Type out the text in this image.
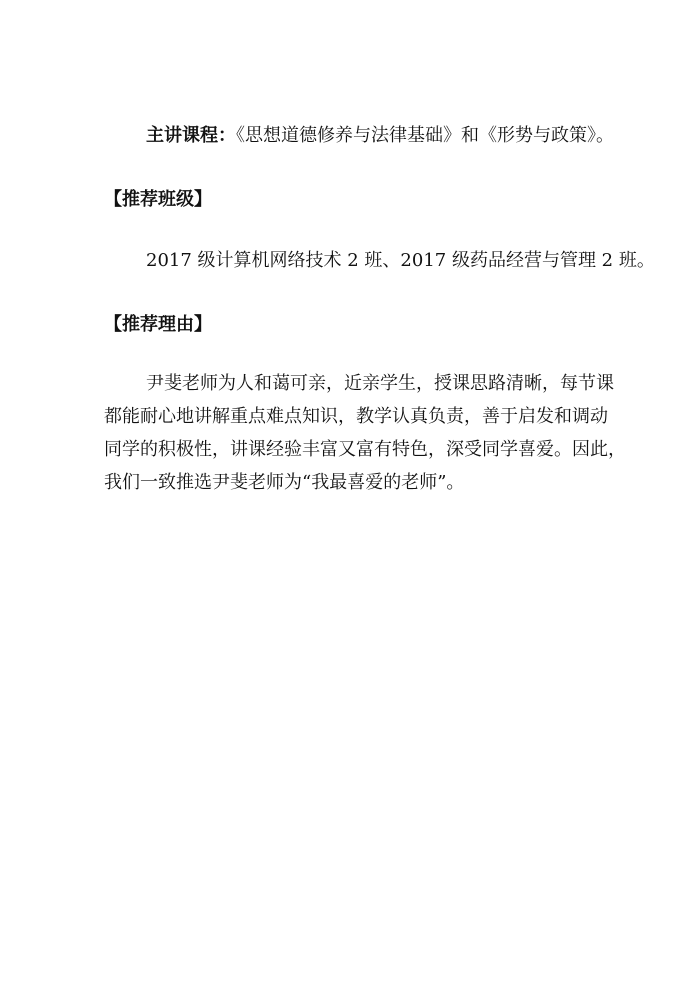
主讲课程：《思想道德修养与法律基础》和《形势与政策》。
【推荐班级】
2017 级计算机网络技术 2 班、2017 级药品经营与管理 2 班。
【推荐理由】
尹斐老师为人和蔼可亲，近亲学生，授课思路清晰，每节课
都能耐心地讲解重点难点知识，教学认真负责，善于启发和调动
同学的积极性，讲课经验丰富又富有特色，深受同学喜爱。因此，
我们一致推选尹斐老师为“我最喜爱的老师”。
